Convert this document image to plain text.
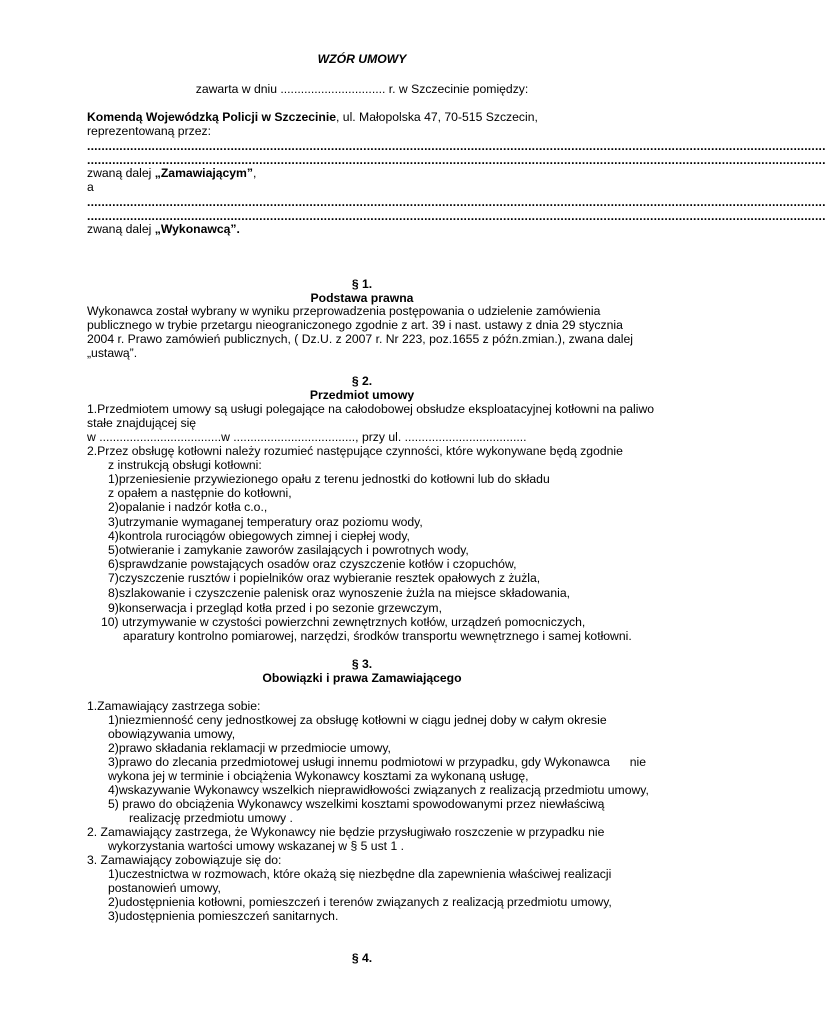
WZÓR UMOWY
zawarta w dniu ............................... r. w Szczecinie pomiędzy:
Komendą Wojewódzką Policji w Szczecinie, ul. Małopolska 47, 70-515 Szczecin,
reprezentowaną przez:
..............................................................................................................................................................................................................
..............................................................................................................................................................................................................
zwaną dalej „Zamawiającym”,
a
..............................................................................................................................................................................................................
..............................................................................................................................................................................................................
zwaną dalej „Wykonawcą”.
§ 1.
Podstawa prawna
Wykonawca został wybrany w wyniku przeprowadzenia postępowania o udzielenie zamówienia
publicznego w trybie przetargu nieograniczonego zgodnie z art. 39 i nast. ustawy z dnia 29 stycznia
2004 r. Prawo zamówień publicznych, ( Dz.U. z 2007 r. Nr 223, poz.1655 z późn.zmian.), zwana dalej
„ustawą”.
§ 2.
Przedmiot umowy
1.Przedmiotem umowy są usługi polegające na całodobowej obsłudze eksploatacyjnej kotłowni na paliwo
stałe znajdującej się
w ....................................w ...................................., przy ul. ....................................
2.Przez obsługę kotłowni należy rozumieć następujące czynności, które wykonywane będą zgodnie
z instrukcją obsługi kotłowni:
1)przeniesienie przywiezionego opału z terenu jednostki do kotłowni lub do składu
z opałem a następnie do kotłowni,
2)opalanie i nadzór kotła c.o.,
3)utrzymanie wymaganej temperatury oraz poziomu wody,
4)kontrola rurociągów obiegowych zimnej i ciepłej wody,
5)otwieranie i zamykanie zaworów zasilających i powrotnych wody,
6)sprawdzanie powstających osadów oraz czyszczenie kotłów i czopuchów,
7)czyszczenie rusztów i popielników oraz wybieranie resztek opałowych z żużla,
8)szlakowanie i czyszczenie palenisk oraz wynoszenie żużla na miejsce składowania,
9)konserwacja i przegląd kotła przed i po sezonie grzewczym,
10) utrzymywanie w czystości powierzchni zewnętrznych kotłów, urządzeń pomocniczych,
aparatury kontrolno pomiarowej, narzędzi, środków transportu wewnętrznego i samej kotłowni.
§ 3.
Obowiązki i prawa Zamawiającego
1.Zamawiający zastrzega sobie:
1)niezmienność ceny jednostkowej za obsługę kotłowni w ciągu jednej doby w całym okresie
obowiązywania umowy,
2)prawo składania reklamacji w przedmiocie umowy,
3)prawo do zlecania przedmiotowej usługi innemu podmiotowi w przypadku, gdy Wykonawca nie
wykona jej w terminie i obciążenia Wykonawcy kosztami za wykonaną usługę,
4)wskazywanie Wykonawcy wszelkich nieprawidłowości związanych z realizacją przedmiotu umowy,
5) prawo do obciążenia Wykonawcy wszelkimi kosztami spowodowanymi przez niewłaściwą
realizację przedmiotu umowy .
2. Zamawiający zastrzega, że Wykonawcy nie będzie przysługiwało roszczenie w przypadku nie
wykorzystania wartości umowy wskazanej w § 5 ust 1 .
3. Zamawiający zobowiązuje się do:
1)uczestnictwa w rozmowach, które okażą się niezbędne dla zapewnienia właściwej realizacji
postanowień umowy,
2)udostępnienia kotłowni, pomieszczeń i terenów związanych z realizacją przedmiotu umowy,
3)udostępnienia pomieszczeń sanitarnych.
§ 4.
